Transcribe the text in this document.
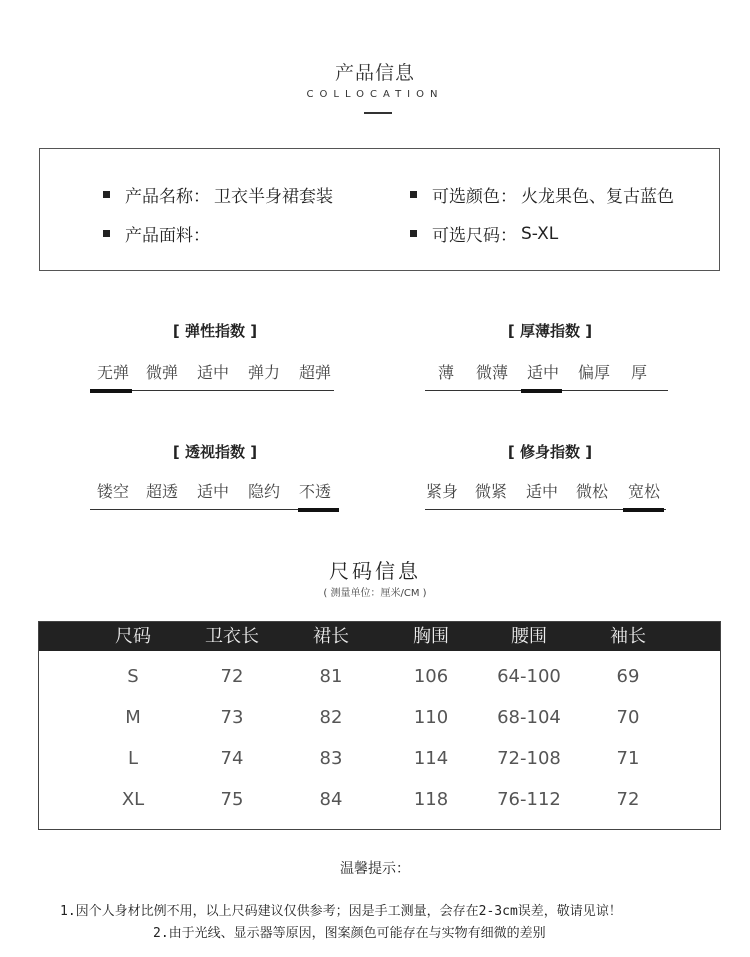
产品信息
COLLOCATION
产品名称： 卫衣半身裙套装
产品面料：
可选颜色： 火龙果色、复古蓝色
可选尺码： S-XL
[ 弹性指数 ]
无弹	微弹	适中	弹力	超弹
[ 厚薄指数 ]
薄	微薄	适中	偏厚	厚
[ 透视指数 ]
镂空	超透	适中	隐约	不透
[ 修身指数 ]
紧身	微紧	适中	微松	宽松
尺码信息
( 测量单位：厘米/CM )
尺码	卫衣长	裙长	胸围	腰围	袖长
S	72	81	106	64-100	69
M	73	82	110	68-104	70
L	74	83	114	72-108	71
XL	75	84	118	76-112	72
温馨提示：
1.因个人身材比例不用，以上尺码建议仅供参考；因是手工测量，会存在2-3cm误差，敬请见谅！
2.由于光线、显示器等原因，图案颜色可能存在与实物有细微的差别
